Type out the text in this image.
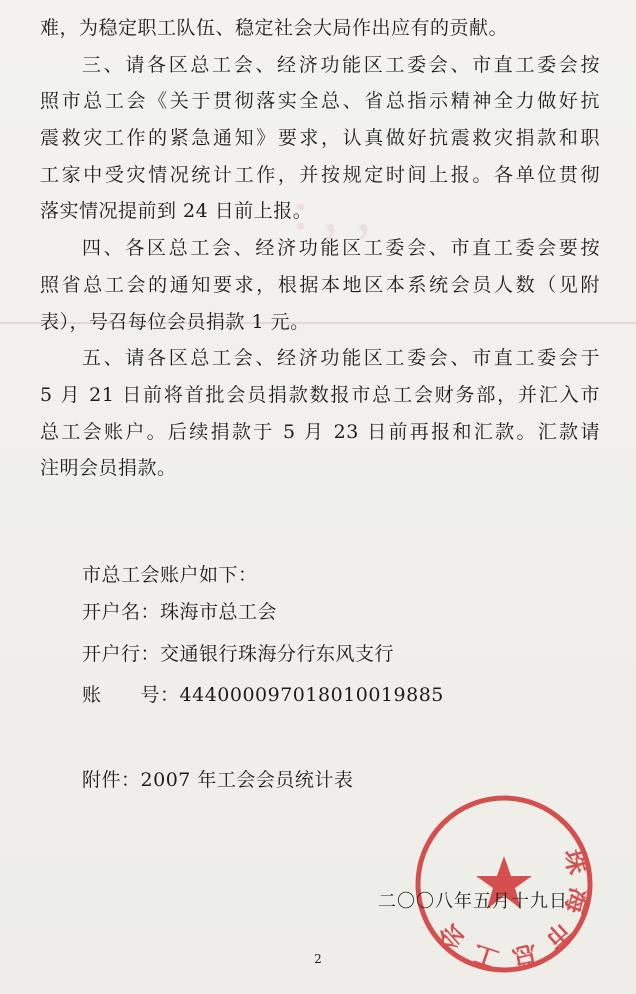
：，，
难，为稳定职工队伍、稳定社会大局作出应有的贡献。
三、请各区总工会、经济功能区工委会、市直工委会按
照市总工会《关于贯彻落实全总、省总指示精神全力做好抗
震救灾工作的紧急通知》要求，认真做好抗震救灾捐款和职
工家中受灾情况统计工作，并按规定时间上报。各单位贯彻
落实情况提前到 24 日前上报。
四、各区总工会、经济功能区工委会、市直工委会要按
照省总工会的通知要求，根据本地区本系统会员人数（见附
表），号召每位会员捐款 1 元。
五、请各区总工会、经济功能区工委会、市直工委会于
5 月 21 日前将首批会员捐款数报市总工会财务部，并汇入市
总工会账户。后续捐款于 5 月 23 日前再报和汇款。汇款请
注明会员捐款。
市总工会账户如下：
开户名：珠海市总工会
开户行：交通银行珠海分行东风支行
账　　号：444000097018010019885
附件：2007 年工会会员统计表
珠海市总工会
二〇〇八年五月十九日
2
